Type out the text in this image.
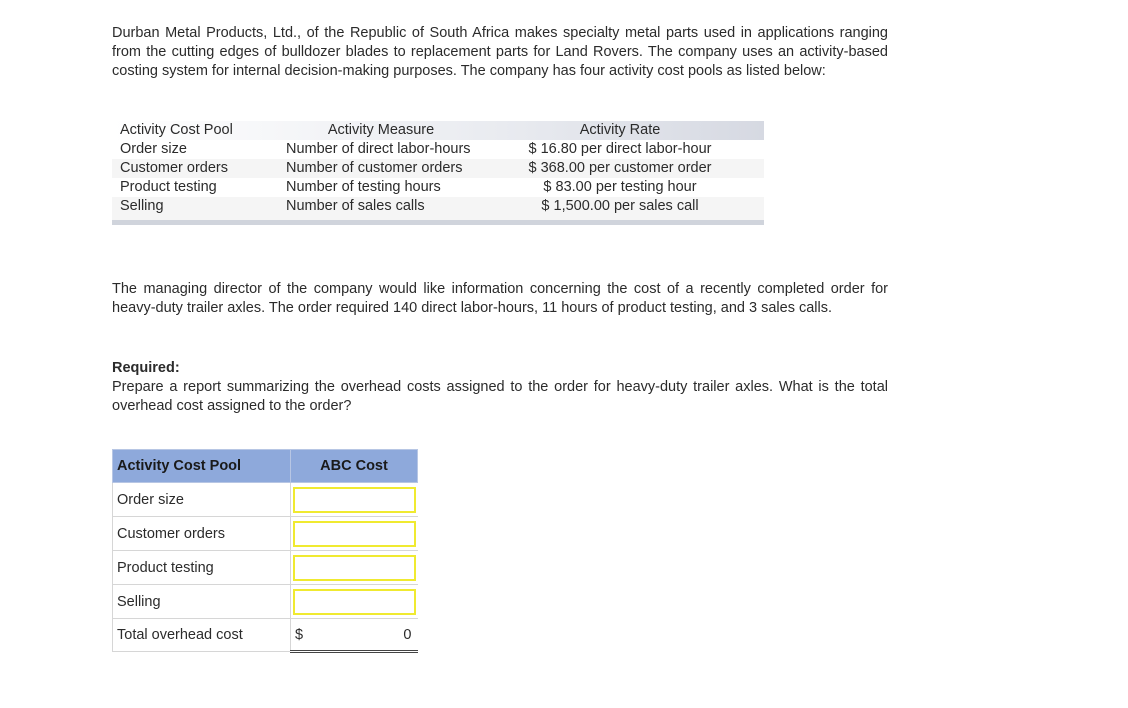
Durban Metal Products, Ltd., of the Republic of South Africa makes specialty metal parts used in applications ranging from the cutting edges of bulldozer blades to replacement parts for Land Rovers. The company uses an activity-based costing system for internal decision-making purposes. The company has four activity cost pools as listed below:

Activity Cost Pool	Activity Measure	Activity Rate
Order size	Number of direct labor-hours	$ 16.80 per direct labor-hour
Customer orders	Number of customer orders	$ 368.00 per customer order
Product testing	Number of testing hours	$ 83.00 per testing hour
Selling	Number of sales calls	$ 1,500.00 per sales call

The managing director of the company would like information concerning the cost of a recently completed order for heavy-duty trailer axles. The order required 140 direct labor-hours, 11 hours of product testing, and 3 sales calls.

Required:
Prepare a report summarizing the overhead costs assigned to the order for heavy-duty trailer axles. What is the total overhead cost assigned to the order?
Activity Cost Pool	ABC Cost
Order size	

Customer orders	

Product testing	

Selling	

Total overhead cost	$ 0
